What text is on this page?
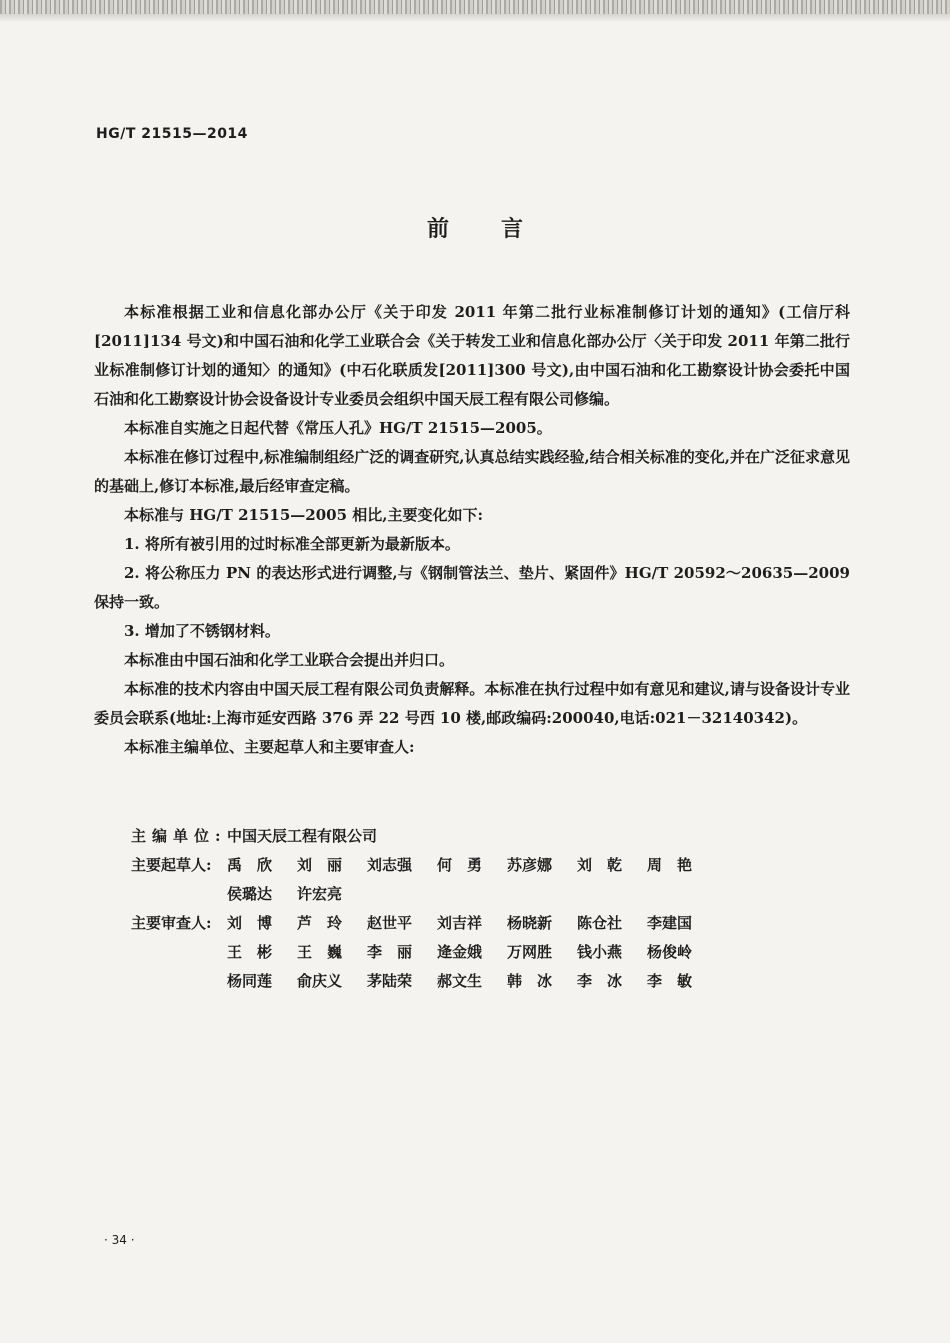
HG/T 21515—2014
前言

本标准根据工业和信息化部办公厅《关于印发 2011 年第二批行业标准制修订计划的通知》(工信厅科[2011]134 号文)和中国石油和化学工业联合会《关于转发工业和信息化部办公厅〈关于印发 2011 年第二批行业标准制修订计划的通知〉的通知》(中石化联质发[2011]300 号文),由中国石油和化工勘察设计协会委托中国石油和化工勘察设计协会设备设计专业委员会组织中国天辰工程有限公司修编。

本标准自实施之日起代替《常压人孔》HG/T 21515—2005。

本标准在修订过程中,标准编制组经广泛的调查研究,认真总结实践经验,结合相关标准的变化,并在广泛征求意见的基础上,修订本标准,最后经审查定稿。

本标准与 HG/T 21515—2005 相比,主要变化如下:

1. 将所有被引用的过时标准全部更新为最新版本。

2. 将公称压力 PN 的表达形式进行调整,与《钢制管法兰、垫片、紧固件》HG/T 20592～20635—2009 保持一致。

3. 增加了不锈钢材料。

本标准由中国石油和化学工业联合会提出并归口。

本标准的技术内容由中国天辰工程有限公司负责解释。本标准在执行过程中如有意见和建议,请与设备设计专业委员会联系(地址:上海市延安西路 376 弄 22 号西 10 楼,邮政编码:200040,电话:021－32140342)。

本标准主编单位、主要起草人和主要审查人:

主编单位: 中国天辰工程有限公司
主要起草人:	禹　欣	刘　丽	刘志强	何　勇	苏彦娜	刘　乾	周　艳
侯璐达	许宏亮
主要审查人:	刘　博	芦　玲	赵世平	刘吉祥	杨晓新	陈仓社	李建国
王　彬	王　巍	李　丽	逄金娥	万网胜	钱小燕	杨俊岭
杨同莲	俞庆义	茅陆荣	郝文生	韩　冰	李　冰	李　敏
· 34 ·
